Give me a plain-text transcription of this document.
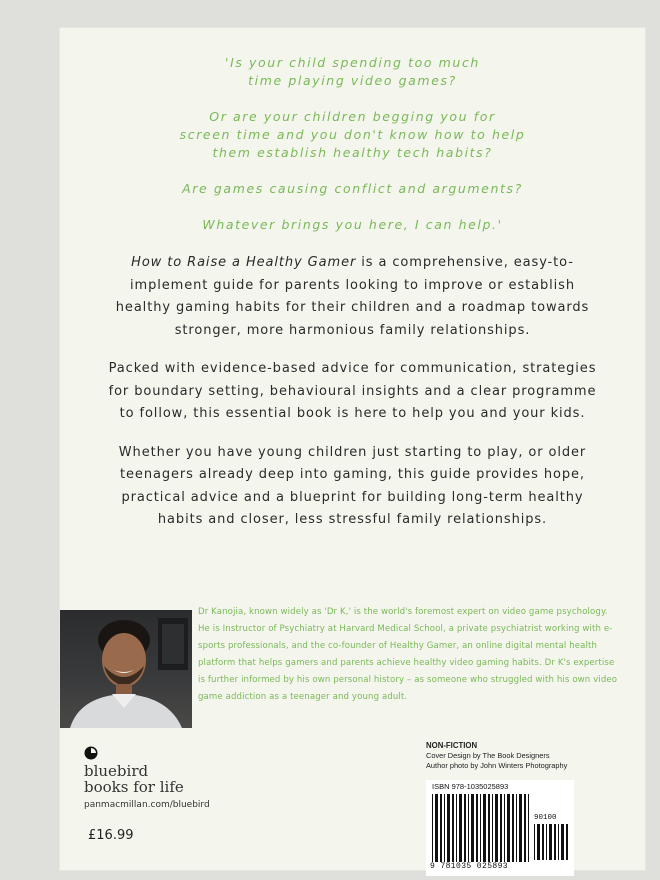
'Is your child spending too much
time playing video games?

Or are your children begging you for
screen time and you don't know how to help
them establish healthy tech habits?

Are games causing conflict and arguments?

Whatever brings you here, I can help.'

How to Raise a Healthy Gamer is a comprehensive, easy-to-implement guide for parents looking to improve or establish healthy gaming habits for their children and a roadmap towards stronger, more harmonious family relationships.

Packed with evidence-based advice for communication, strategies for boundary setting, behavioural insights and a clear programme to follow, this essential book is here to help you and your kids.

Whether you have young children just starting to play, or older teenagers already deep into gaming, this guide provides hope, practical advice and a blueprint for building long-term healthy habits and closer, less stressful family relationships.

Dr Kanojia, known widely as 'Dr K,' is the world's foremost expert on video game psychology. He is Instructor of Psychiatry at Harvard Medical School, a private psychiatrist working with e-sports professionals, and the co-founder of Healthy Gamer, an online digital mental health platform that helps gamers and parents achieve healthy video gaming habits. Dr K's expertise is further informed by his own personal history – as someone who struggled with his own video game addiction as a teenager and young adult.
bluebird
books for life
panmacmillan.com/bluebird
£16.99
NON-FICTION
Cover Design by The Book Designers
Author photo by John Winters Photography
ISBN 978-1035025893
90100
9 781035 025893
